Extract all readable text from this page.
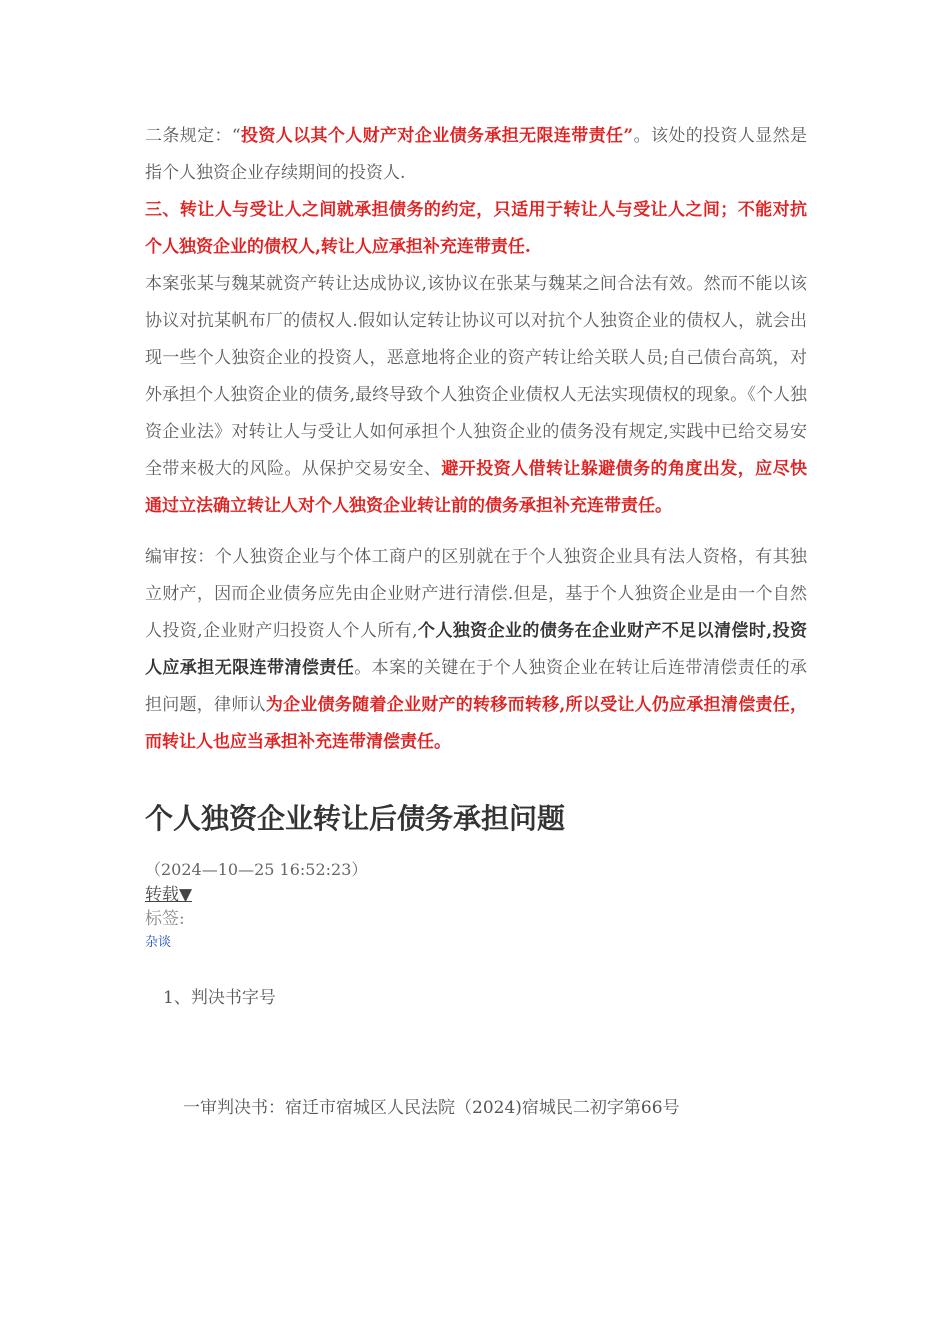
二条规定：“投资人以其个人财产对企业债务承担无限连带责任”。该处的投资人显然是指个人独资企业存续期间的投资人.

三、转让人与受让人之间就承担债务的约定，只适用于转让人与受让人之间；不能对抗个人独资企业的债权人,转让人应承担补充连带责任.

本案张某与魏某就资产转让达成协议,该协议在张某与魏某之间合法有效。然而不能以该协议对抗某帆布厂的债权人.假如认定转让协议可以对抗个人独资企业的债权人，就会出现一些个人独资企业的投资人，恶意地将企业的资产转让给关联人员;自己债台高筑，对外承担个人独资企业的债务,最终导致个人独资企业债权人无法实现债权的现象。《个人独资企业法》对转让人与受让人如何承担个人独资企业的债务没有规定,实践中已给交易安全带来极大的风险。从保护交易安全、避开投资人借转让躲避债务的角度出发，应尽快通过立法确立转让人对个人独资企业转让前的债务承担补充连带责任。

编审按：个人独资企业与个体工商户的区别就在于个人独资企业具有法人资格，有其独立财产，因而企业债务应先由企业财产进行清偿.但是，基于个人独资企业是由一个自然人投资,企业财产归投资人个人所有,个人独资企业的债务在企业财产不足以清偿时,投资人应承担无限连带清偿责任。本案的关键在于个人独资企业在转让后连带清偿责任的承担问题，律师认为企业债务随着企业财产的转移而转移,所以受让人仍应承担清偿责任，而转让人也应当承担补充连带清偿责任。

个人独资企业转让后债务承担问题
（2024—10—25 16:52:23）
转载▼
标签:
杂谈
1、判决书字号
一审判决书：宿迁市宿城区人民法院（2024)宿城民二初字第66号
